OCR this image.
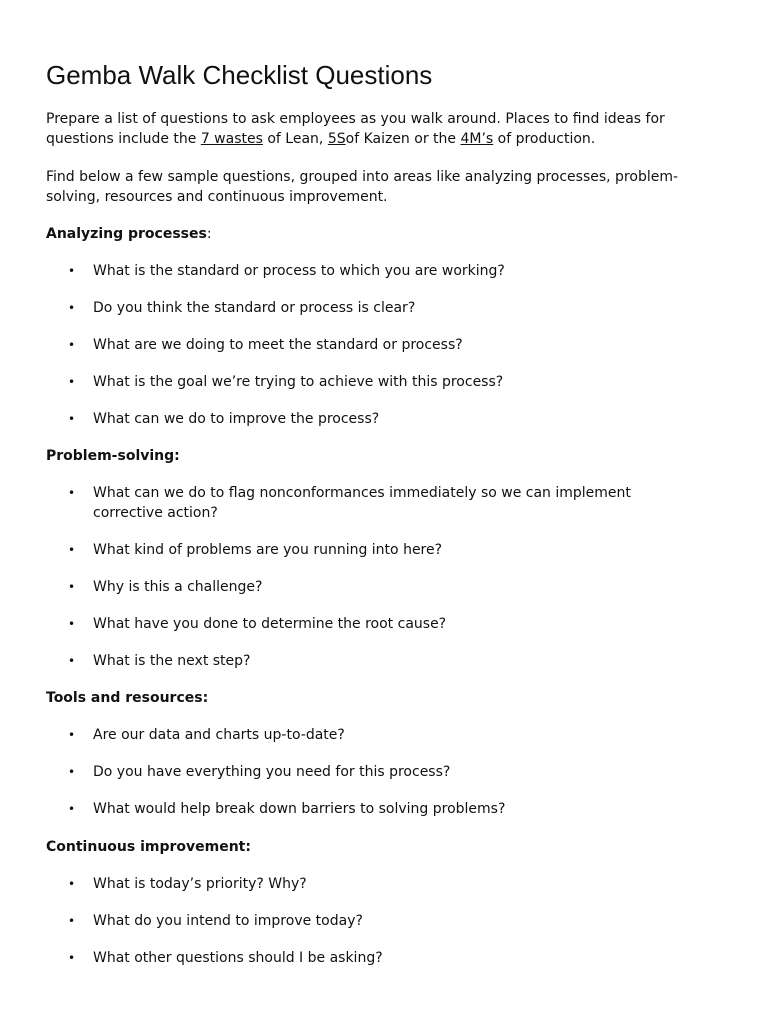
Gemba Walk Checklist Questions

Prepare a list of questions to ask employees as you walk around. Places to find ideas for questions include the 7 wastes of Lean, 5Sof Kaizen or the 4M’s of production.

Find below a few sample questions, grouped into areas like analyzing processes, problem-solving, resources and continuous improvement.

Analyzing processes:

• What is the standard or process to which you are working?
• Do you think the standard or process is clear?
• What are we doing to meet the standard or process?
• What is the goal we’re trying to achieve with this process?
• What can we do to improve the process?

Problem-solving:

• What can we do to flag nonconformances immediately so we can implement corrective action?
• What kind of problems are you running into here?
• Why is this a challenge?
• What have you done to determine the root cause?
• What is the next step?

Tools and resources:

• Are our data and charts up-to-date?
• Do you have everything you need for this process?
• What would help break down barriers to solving problems?

Continuous improvement:

• What is today’s priority? Why?
• What do you intend to improve today?
• What other questions should I be asking?
